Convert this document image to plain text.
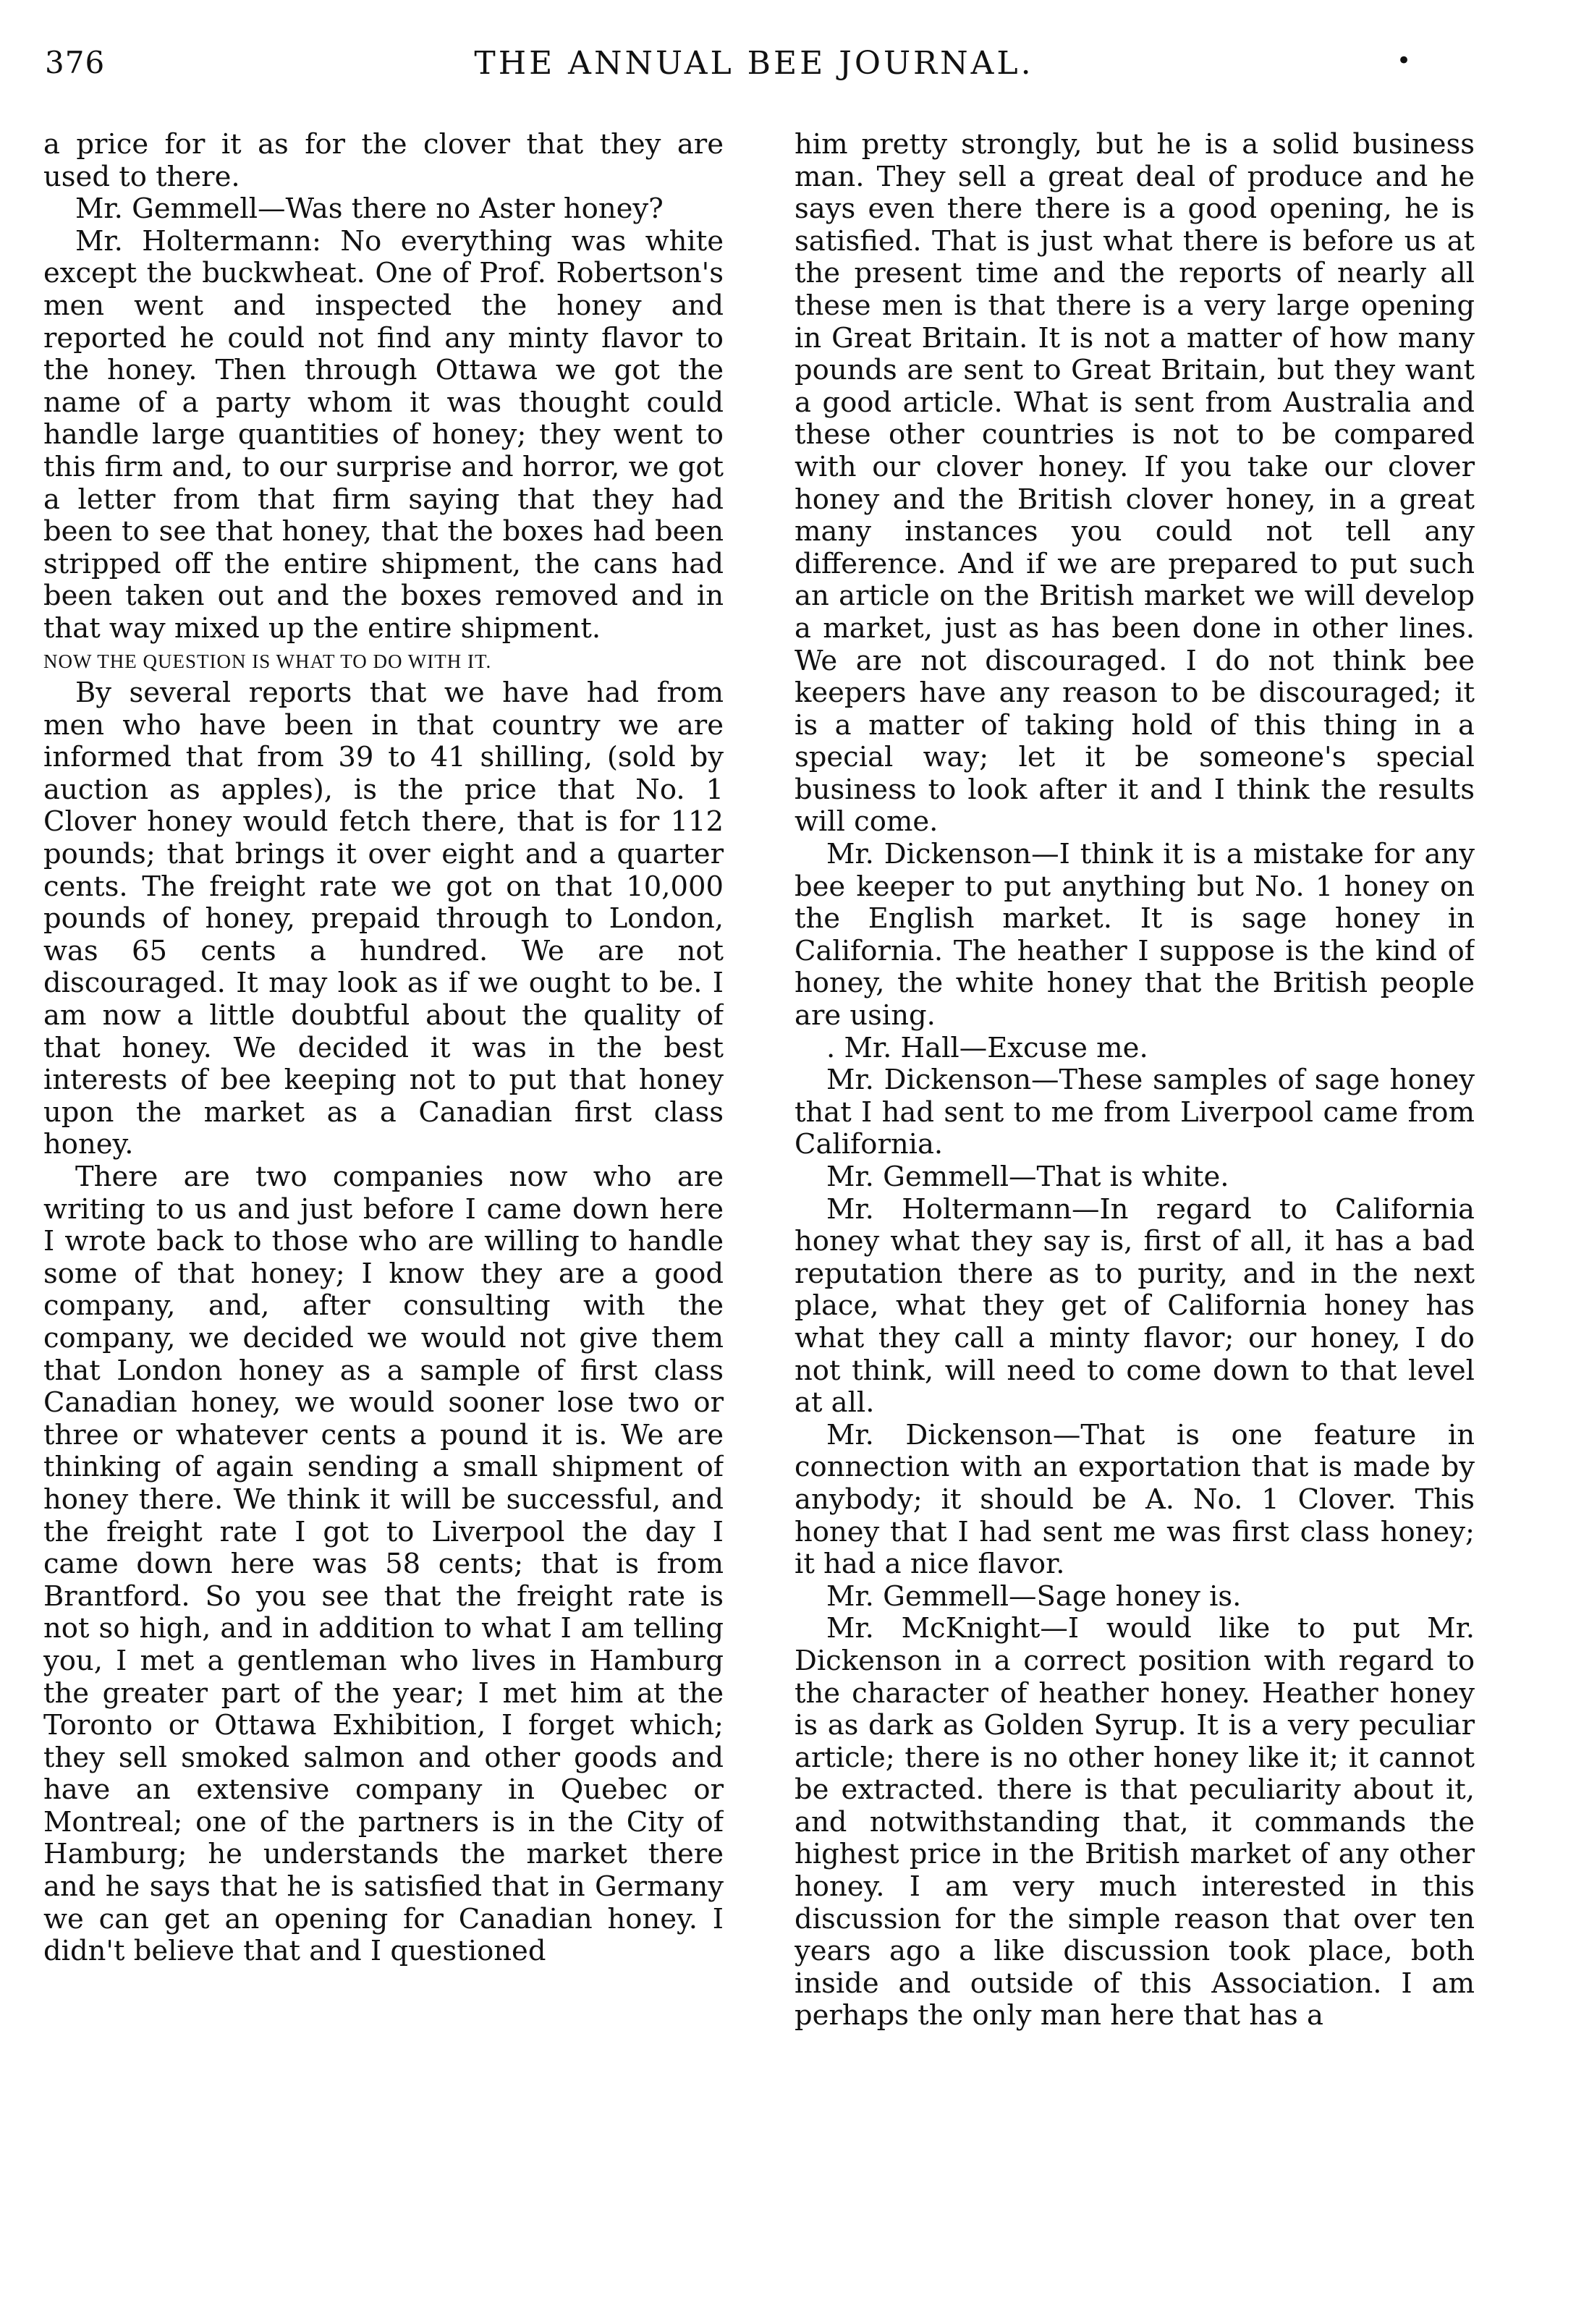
376	THE ANNUAL BEE JOURNAL.	•

a price for it as for the clover that they are used to there.

Mr. Gemmell—Was there no Aster honey?

Mr. Holtermann: No everything was white except the buckwheat. One of Prof. Robertson's men went and inspected the honey and reported he could not find any minty flavor to the honey. Then through Ottawa we got the name of a party whom it was thought could handle large quantities of honey; they went to this firm and, to our surprise and horror, we got a letter from that firm saying that they had been to see that honey, that the boxes had been stripped off the entire shipment, the cans had been taken out and the boxes removed and in that way mixed up the entire shipment.

NOW THE QUESTION IS WHAT TO DO WITH IT.

By several reports that we have had from men who have been in that country we are informed that from 39 to 41 shilling, (sold by auction as apples), is the price that No. 1 Clover honey would fetch there, that is for 112 pounds; that brings it over eight and a quarter cents. The freight rate we got on that 10,000 pounds of honey, prepaid through to London, was 65 cents a hundred. We are not discouraged. It may look as if we ought to be. I am now a little doubtful about the quality of that honey. We decided it was in the best interests of bee keeping not to put that honey upon the market as a Canadian first class honey.

There are two companies now who are writing to us and just before I came down here I wrote back to those who are willing to handle some of that honey; I know they are a good company, and, after consulting with the company, we decided we would not give them that London honey as a sample of first class Canadian honey, we would sooner lose two or three or whatever cents a pound it is. We are thinking of again sending a small shipment of honey there. We think it will be successful, and the freight rate I got to Liverpool the day I came down here was 58 cents; that is from Brantford. So you see that the freight rate is not so high, and in addition to what I am telling you, I met a gentleman who lives in Hamburg the greater part of the year; I met him at the Toronto or Ottawa Exhibition, I forget which; they sell smoked salmon and other goods and have an extensive company in Quebec or Montreal; one of the partners is in the City of Hamburg; he understands the market there and he says that he is satisfied that in Germany we can get an opening for Canadian honey. I didn't believe that and I questioned

him pretty strongly, but he is a solid business man. They sell a great deal of produce and he says even there there is a good opening, he is satisfied. That is just what there is before us at the present time and the reports of nearly all these men is that there is a very large opening in Great Britain. It is not a matter of how many pounds are sent to Great Britain, but they want a good article. What is sent from Australia and these other countries is not to be compared with our clover honey. If you take our clover honey and the British clover honey, in a great many instances you could not tell any difference. And if we are prepared to put such an article on the British market we will develop a market, just as has been done in other lines. We are not discouraged. I do not think bee keepers have any reason to be discouraged; it is a matter of taking hold of this thing in a special way; let it be someone's special business to look after it and I think the results will come.

Mr. Dickenson—I think it is a mistake for any bee keeper to put anything but No. 1 honey on the English market. It is sage honey in California. The heather I suppose is the kind of honey, the white honey that the British people are using.

. Mr. Hall—Excuse me.

Mr. Dickenson—These samples of sage honey that I had sent to me from Liverpool came from California.

Mr. Gemmell—That is white.

Mr. Holtermann—In regard to California honey what they say is, first of all, it has a bad reputation there as to purity, and in the next place, what they get of California honey has what they call a minty flavor; our honey, I do not think, will need to come down to that level at all.

Mr. Dickenson—That is one feature in connection with an exportation that is made by anybody; it should be A. No. 1 Clover. This honey that I had sent me was first class honey; it had a nice flavor.

Mr. Gemmell—Sage honey is.

Mr. McKnight—I would like to put Mr. Dickenson in a correct position with regard to the character of heather honey. Heather honey is as dark as Golden Syrup. It is a very peculiar article; there is no other honey like it; it cannot be extracted. there is that peculiarity about it, and notwithstanding that, it commands the highest price in the British market of any other honey. I am very much interested in this discussion for the simple reason that over ten years ago a like discussion took place, both inside and outside of this Association. I am perhaps the only man here that has a
